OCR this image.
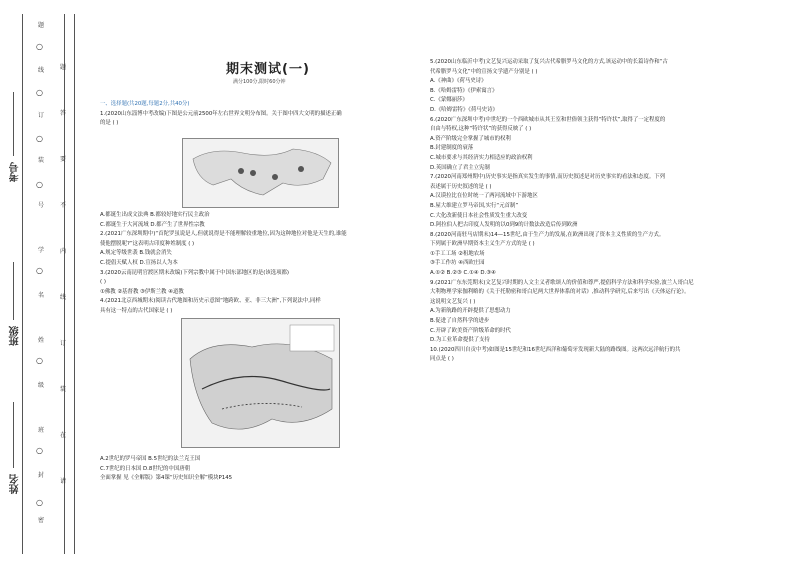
题
线
订
装
号
学
名
姓
级
班
封
密
○
○
○
○
○
○
○
○
考号
班级
姓名
题
答
要
不
内
线
订
装
在
请
期末测试(一)
满分100分,限时60分钟

一、选择题(共20题,每题2分,共40分)

1.(2020山东淄博中考改编)下图是公元前2500年左右世界文明分布图。关于图中四大文明的描述正确

的是 ( )

A.都诞生出成文法典 B.都较好地实行民主政治

C.都诞生于大河流域 D.都产生了世界性宗教

2.(2021广东深圳期中)“首陀罗虽说是人,但就说得是不能理解较重地位,因为这种地位对他是天生的,谁能

使他摆脱呢?”这表明古印度种姓制度 ( )

A.规定等级世袭 B.钱就会消失

C.提倡天赋人权 D.宣扬以人为本

3.(2020云南昆明官渡区期末改编)下列宗教中属于中国东部地区的是(该选项都)

( )

①佛教 ②基督教 ③伊斯兰教 ④道教

4.(2021北京西城期末)阅读古代地图和历史示意图“地跨欧、亚、非三大洲”,下列说法中,同样

具有这一特点的古代国家是 ( )

A.2世纪的罗马帝国 B.5世纪的法兰克王国

C.7世纪的日本国 D.8世纪的中国唐朝

全面掌握 见《全解版》第4课“历史知识全解”模块P145

5.(2020山东临沂中考)文艺复兴运动采取了复兴古代希腊罗马文化的方式,该运动中的长篇诗作和“古

代希腊罗马文化”中的宣扬文学遗产分别是 ( )

A.《神曲》《荷马史诗》

B.《哈姆雷特》《伊索寓言》

C.《蒙娜丽莎》

D.《哈姆雷特》《荷马史诗》

6.(2020广东深圳中考)中世纪的一个西欧城市从其王室和世俗领主获得“特许状”,取得了一定程度的

自由与特权,这种“特许状”的获得反映了 ( )

A.资产阶级完全掌握了城市的权利

B.封建制度的衰落

C.城市要求与其经济实力相适应的政治权利

D.英国确立了君主立宪制

7.(2020河南郑州期中)历史事实是指真实发生的事情,而历史叙述是对历史事实的看法和态度。下列

表述属于历史叙述的是 ( )

A.汉谟拉比在位时统一了两河流域中下游地区

B.屋大维建立罗马帝国,实行“元首制”

C.大化改新使日本社会性质发生重大改变

D.阿拉伯人把古印度人发明的以0到9的计数法改造后传到欧洲

8.(2020河南驻马店期末)14—15世纪,由于生产力的发展,在欧洲出现了资本主义性质的生产方式。

下列属于欧洲早期资本主义生产方式的是 ( )

①手工工场 ②租地农场

③手工作坊 ④西欧庄园

A.①② B.②③ C.①④ D.③④

9.(2021广东东莞期末)文艺复兴时期的人文主义者歌颂人的价值和尊严,提倡科学方法和科学实验,波兰人哥白尼

大利物理学家伽利略的《关于托勒密和哥白尼两大世界体系的对话》,推动科学研究,后来写出《天体运行论》。

这说明文艺复兴 ( )

A.为新航路的开辟提供了思想动力

B.促进了自然科学的进步

C.开辟了欧美资产阶级革命的时代

D.为工业革命提供了支持

10.(2020四川自贡中考)如图是15世纪和16世纪西洋和葡萄牙发现新大陆的路线图。这两次远洋航行的共

同点是 ( )
